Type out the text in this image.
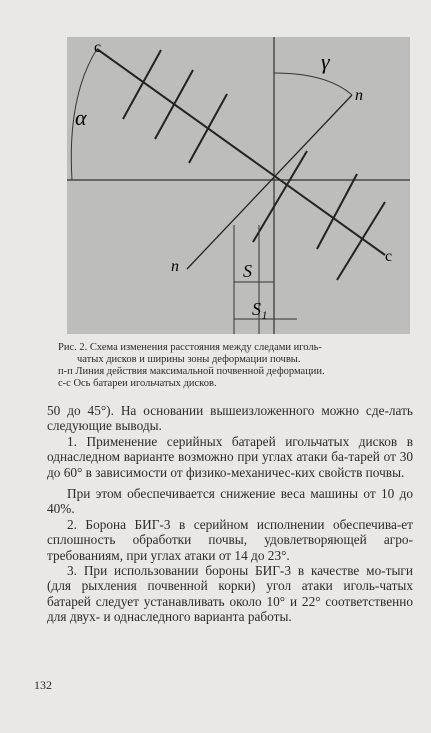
c
c
n
n
α
γ
S
S₁
Рис. 2. Схема изменения расстояния между следами иголь-
чатых дисков и ширины зоны деформации почвы.
п-п Линия действия максимальной почвенной деформации.
с-с Ось батареи игольчатых дисков.

50 до 45°). На основании вышеизложенного можно сде-лать следующие выводы.

1. Применение серийных батарей игольчатых дисков в однаследном варианте возможно при углах атаки ба-тарей от 30 до 60° в зависимости от физико-механичес-ких свойств почвы.

При этом обеспечивается снижение веса машины от 10 до 40%.

2. Борона БИГ-3 в серийном исполнении обеспечива-ет сплошность обработки почвы, удовлетворяющей агро-требованиям, при углах атаки от 14 до 23°.

3. При использовании бороны БИГ-3 в качестве мо-тыги (для рыхления почвенной корки) угол атаки иголь-чатых батарей следует устанавливать около 10° и 22° соответственно для двух- и однаследного варианта работы.

132
